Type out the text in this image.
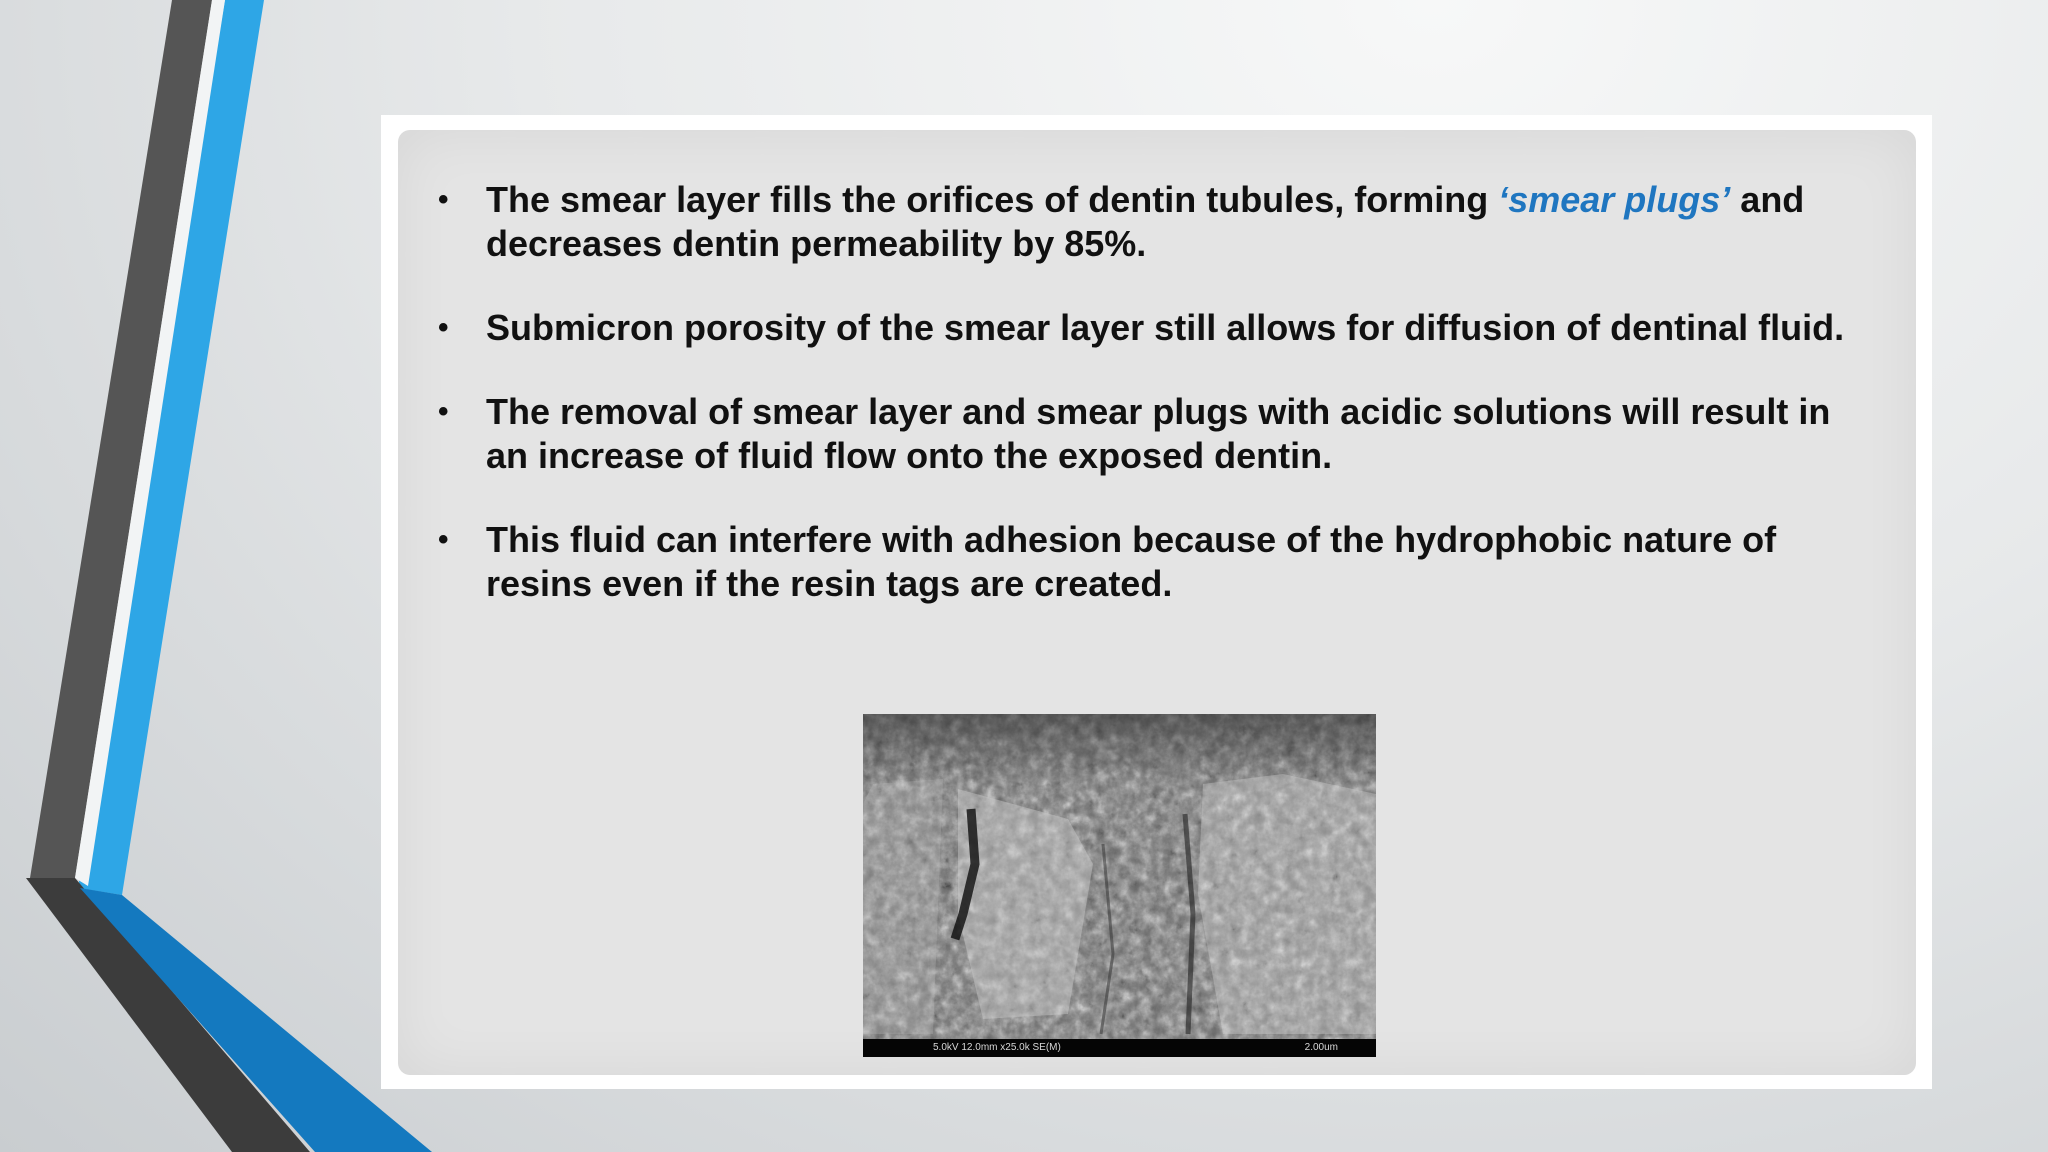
• The smear layer fills the orifices of dentin tubules, forming ‘smear plugs’ and decreases dentin permeability by 85%.
• Submicron porosity of the smear layer still allows for diffusion of dentinal fluid.
• The removal of smear layer and smear plugs with acidic solutions will result in an increase of fluid flow onto the exposed dentin.
• This fluid can interfere with adhesion because of the hydrophobic nature of resins even if the resin tags are created.
5.0kV 12.0mm x25.0k SE(M)	2.00um
